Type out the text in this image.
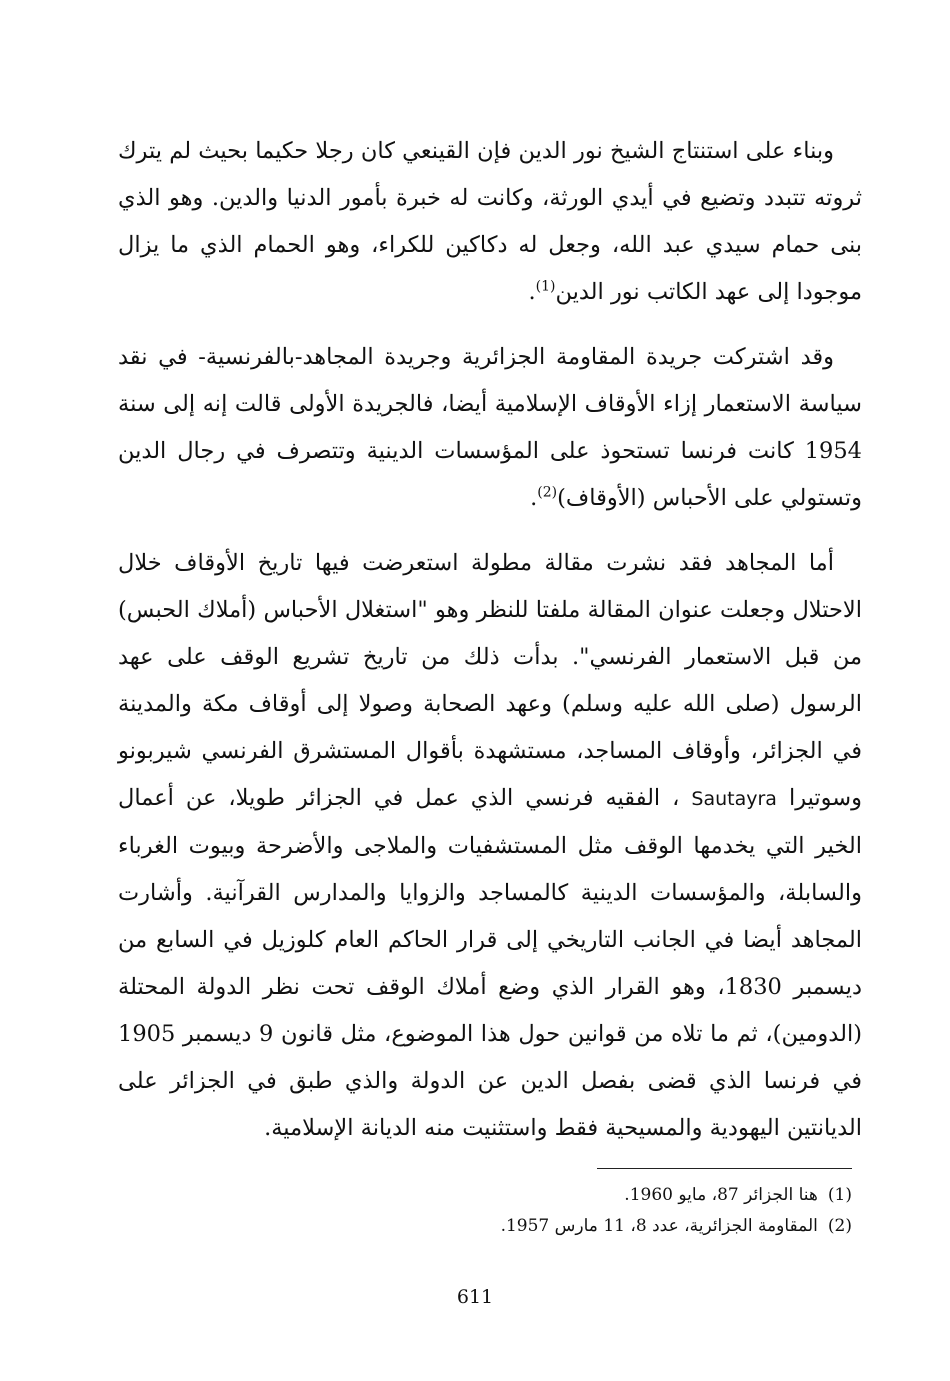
وبناء على استنتاج الشيخ نور الدين فإن القينعي كان رجلا حكيما بحيث لم يترك ثروته تتبدد وتضيع في أيدي الورثة، وكانت له خبرة بأمور الدنيا والدين. وهو الذي بنى حمام سيدي عبد الله، وجعل له دكاكين للكراء، وهو الحمام الذي ما يزال موجودا إلى عهد الكاتب نور الدين$^{(1)}$.

وقد اشتركت جريدة المقاومة الجزائرية وجريدة المجاهد-بالفرنسية- في نقد سياسة الاستعمار إزاء الأوقاف الإسلامية أيضا، فالجريدة الأولى قالت إنه إلى سنة 1954 كانت فرنسا تستحوذ على المؤسسات الدينية وتتصرف في رجال الدين وتستولي على الأحباس (الأوقاف)$^{(2)}$.

أما المجاهد فقد نشرت مقالة مطولة استعرضت فيها تاريخ الأوقاف خلال الاحتلال وجعلت عنوان المقالة ملفتا للنظر وهو "استغلال الأحباس (أملاك الحبس) من قبل الاستعمار الفرنسي". بدأت ذلك من تاريخ تشريع الوقف على عهد الرسول (صلى الله عليه وسلم) وعهد الصحابة وصولا إلى أوقاف مكة والمدينة في الجزائر، وأوقاف المساجد، مستشهدة بأقوال المستشرق الفرنسي شيربونو وسوتيرا Sautayra ، الفقيه فرنسي الذي عمل في الجزائر طويلا، عن أعمال الخير التي يخدمها الوقف مثل المستشفيات والملاجى والأضرحة وبيوت الغرباء والسابلة، والمؤسسات الدينية كالمساجد والزوايا والمدارس القرآنية. وأشارت المجاهد أيضا في الجانب التاريخي إلى قرار الحاكم العام كلوزيل في السابع من ديسمبر 1830، وهو القرار الذي وضع أملاك الوقف تحت نظر الدولة المحتلة (الدومين)، ثم ما تلاه من قوانين حول هذا الموضوع، مثل قانون 9 ديسمبر 1905 في فرنسا الذي قضى بفصل الدين عن الدولة والذي طبق في الجزائر على الديانتين اليهودية والمسيحية فقط واستثنيت منه الديانة الإسلامية.

(1)هنا الجزائر 87، مايو 1960.

(2)المقاومة الجزائرية، عدد 8، 11 مارس 1957.

611
